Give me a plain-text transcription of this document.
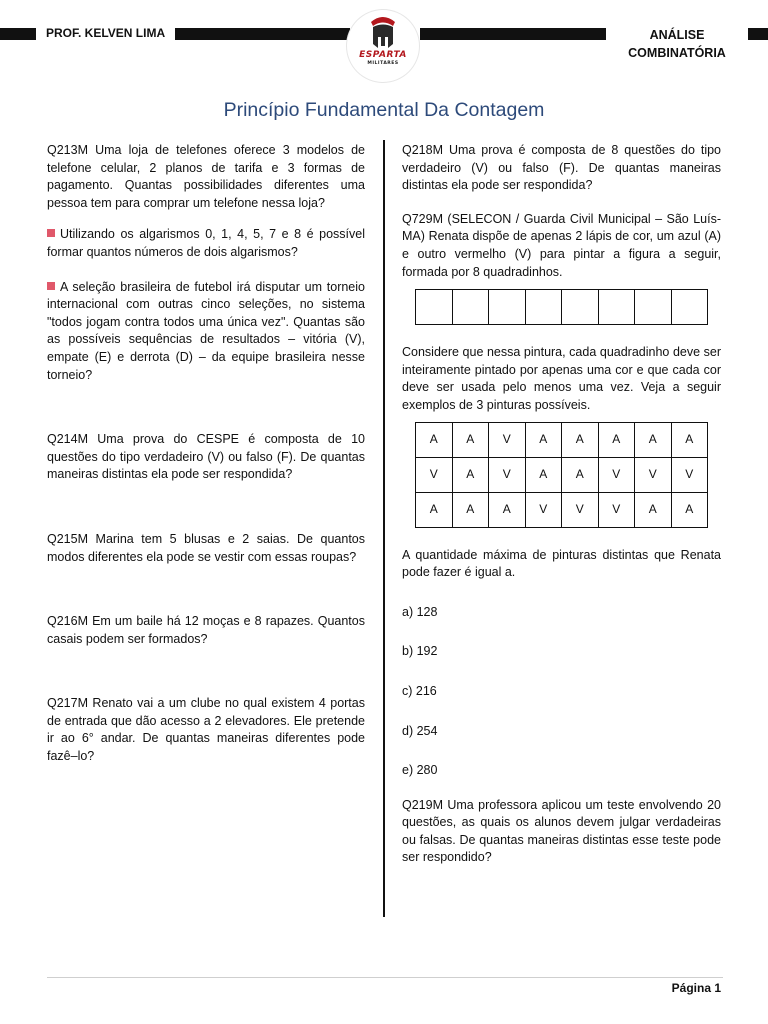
PROF. KELVEN LIMA	ANÁLISE
COMBINATÓRIA
ESPARTA
MILITARES
Princípio Fundamental Da Contagem

Q213M Uma loja de telefones oferece 3 modelos de telefone celular, 2 planos de tarifa e 3 formas de pagamento. Quantas possibilidades diferentes uma pessoa tem para comprar um telefone nessa loja?

Utilizando os algarismos 0, 1, 4, 5, 7 e 8 é possível formar quantos números de dois algarismos?

A seleção brasileira de futebol irá disputar um torneio internacional com outras cinco seleções, no sistema "todos jogam contra todos uma única vez". Quantas são as possíveis sequências de resultados – vitória (V), empate (E) e derrota (D) – da equipe brasileira nesse torneio?

Q214M Uma prova do CESPE é composta de 10 questões do tipo verdadeiro (V) ou falso (F). De quantas maneiras distintas ela pode ser respondida?

Q215M Marina tem 5 blusas e 2 saias. De quantos modos diferentes ela pode se vestir com essas roupas?

Q216M Em um baile há 12 moças e 8 rapazes. Quantos casais podem ser formados?

Q217M Renato vai a um clube no qual existem 4 portas de entrada que dão acesso a 2 elevadores. Ele pretende ir ao 6° andar. De quantas maneiras diferentes pode fazê–lo?

Q218M Uma prova é composta de 8 questões do tipo verdadeiro (V) ou falso (F). De quantas maneiras distintas ela pode ser respondida?

Q729M (SELECON / Guarda Civil Municipal – São Luís-MA) Renata dispõe de apenas 2 lápis de cor, um azul (A) e outro vermelho (V) para pintar a figura a seguir, formada por 8 quadradinhos.

Considere que nessa pintura, cada quadradinho deve ser inteiramente pintado por apenas uma cor e que cada cor deve ser usada pelo menos uma vez. Veja a seguir exemplos de 3 pinturas possíveis.

A	A	V	A	A	A	A	A
V	A	V	A	A	V	V	V
A	A	A	V	V	V	A	A

A quantidade máxima de pinturas distintas que Renata pode fazer é igual a.

a) 128

b) 192

c) 216

d) 254

e) 280

Q219M Uma professora aplicou um teste envolvendo 20 questões, as quais os alunos devem julgar verdadeiras ou falsas. De quantas maneiras distintas esse teste pode ser respondido?

Página 1
